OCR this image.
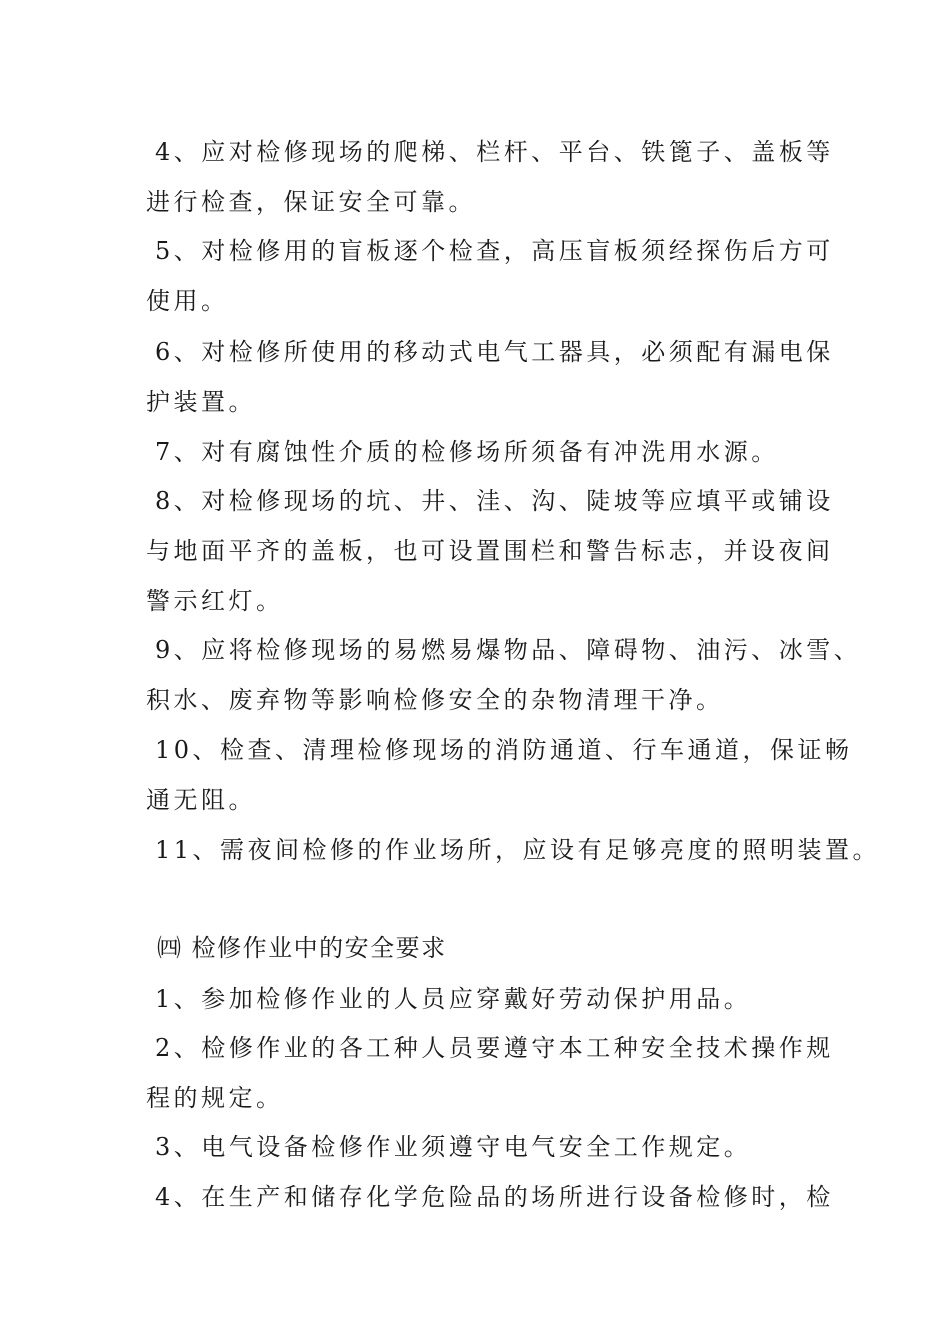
4、应对检修现场的爬梯、栏杆、平台、铁篦子、盖板等
进行检查，保证安全可靠。
5、对检修用的盲板逐个检查，高压盲板须经探伤后方可
使用。
6、对检修所使用的移动式电气工器具，必须配有漏电保
护装置。
7、对有腐蚀性介质的检修场所须备有冲洗用水源。
8、对检修现场的坑、井、洼、沟、陡坡等应填平或铺设
与地面平齐的盖板，也可设置围栏和警告标志，并设夜间
警示红灯。
9、应将检修现场的易燃易爆物品、障碍物、油污、冰雪、
积水、废弃物等影响检修安全的杂物清理干净。
10、检查、清理检修现场的消防通道、行车通道，保证畅
通无阻。
11、需夜间检修的作业场所，应设有足够亮度的照明装置。
㈣ 检修作业中的安全要求
1、参加检修作业的人员应穿戴好劳动保护用品。
2、检修作业的各工种人员要遵守本工种安全技术操作规
程的规定。
3、电气设备检修作业须遵守电气安全工作规定。
4、在生产和储存化学危险品的场所进行设备检修时，检
